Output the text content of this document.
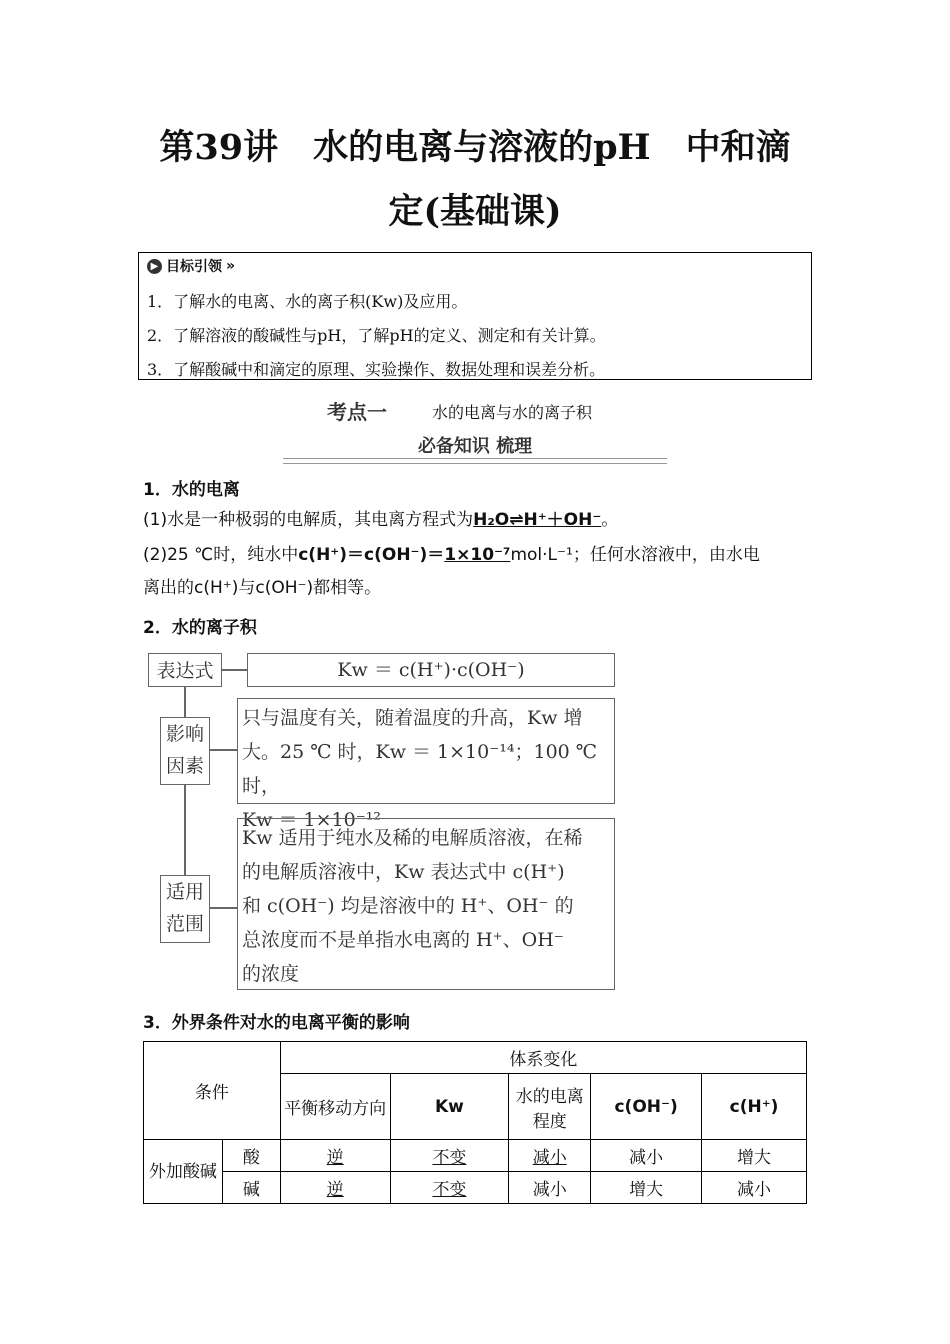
第39讲　水的电离与溶液的pH　中和滴
定(基础课)
▶ 目标引领 »
1．了解水的电离、水的离子积(Kw)及应用。
2．了解溶液的酸碱性与pH，了解pH的定义、测定和有关计算。
3．了解酸碱中和滴定的原理、实验操作、数据处理和误差分析。
考点一	水的电离与水的离子积
必备知识 梳理
1．水的电离
(1)水是一种极弱的电解质，其电离方程式为H₂O⇌H⁺＋OH⁻。
(2)25 ℃时，纯水中c(H⁺)＝c(OH⁻)＝1×10⁻⁷mol·L⁻¹；任何水溶液中，由水电
离出的c(H⁺)与c(OH⁻)都相等。
2．水的离子积
表达式	Kw ＝ c(H⁺)·c(OH⁻)
影响
因素
只与温度有关，随着温度的升高，Kw 增
大。25 ℃ 时，Kw ＝ 1×10⁻¹⁴；100 ℃ 时，
Kw ＝ 1×10⁻¹²
适用
范围
Kw 适用于纯水及稀的电解质溶液，在稀
的电解质溶液中，Kw 表达式中 c(H⁺)
和 c(OH⁻) 均是溶液中的 H⁺、OH⁻ 的
总浓度而不是单指水电离的 H⁺、OH⁻
的浓度
3．外界条件对水的电离平衡的影响
条件		体系变化				
		平衡移动方向	Kw	水的电离程度	c(OH⁻)	c(H⁺)
外加酸碱	酸	逆	不变	减小	减小	增大
	碱	逆	不变	减小	增大	减小
